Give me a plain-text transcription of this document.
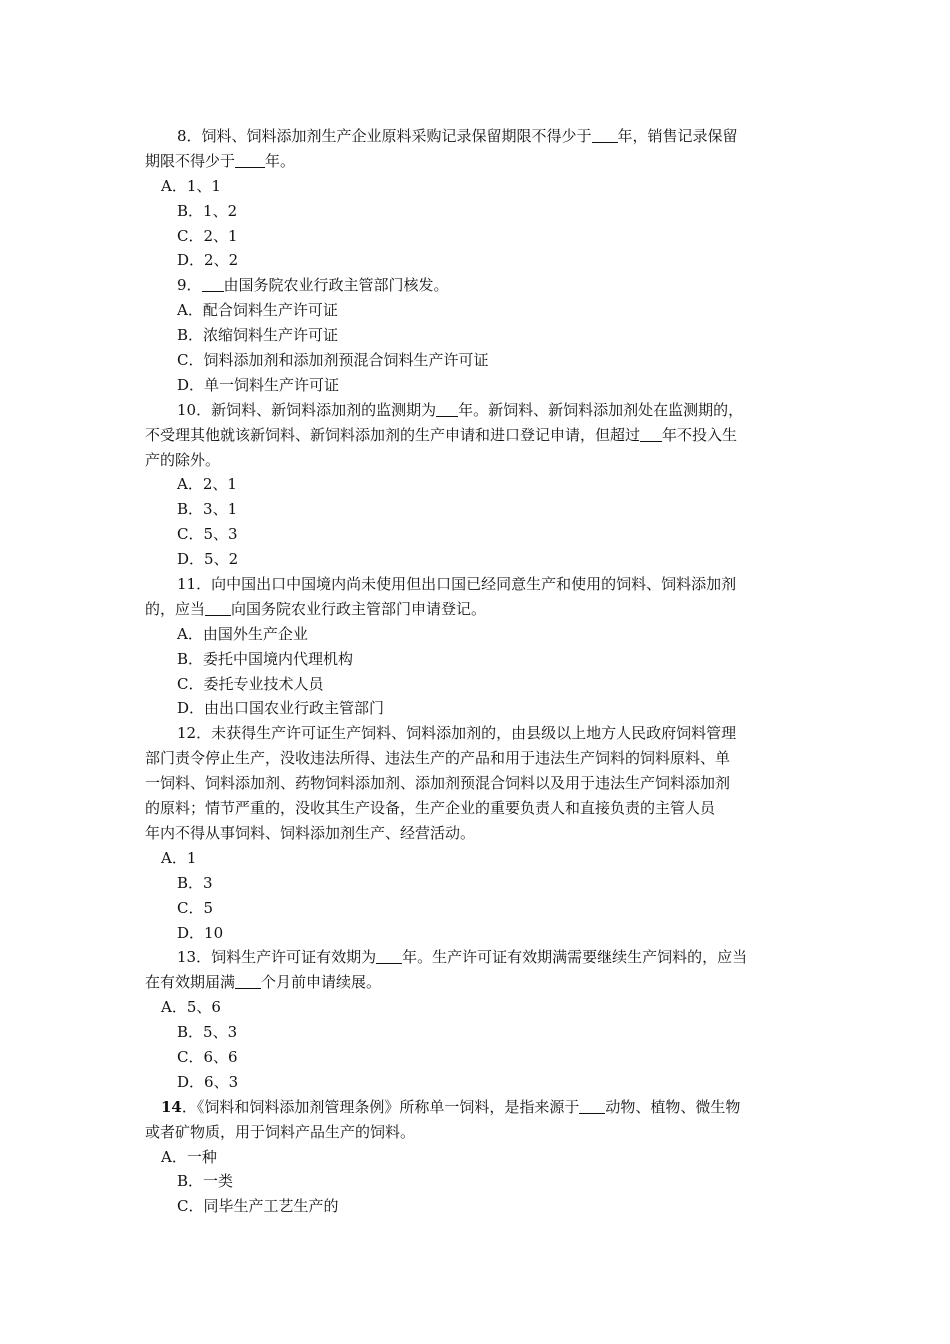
8．饲料、饲料添加剂生产企业原料采购记录保留期限不得少于 年，销售记录保留
期限不得少于 年。
A．1、1
B．1、2
C．2、1
D．2、2
9． 由国务院农业行政主管部门核发。
A．配合饲料生产许可证
B．浓缩饲料生产许可证
C．饲料添加剂和添加剂预混合饲料生产许可证
D．单一饲料生产许可证
10．新饲料、新饲料添加剂的监测期为 年。新饲料、新饲料添加剂处在监测期的，
不受理其他就该新饲料、新饲料添加剂的生产申请和进口登记申请，但超过 年不投入生
产的除外。
A．2、1
B．3、1
C．5、3
D．5、2
11．向中国出口中国境内尚未使用但出口国已经同意生产和使用的饲料、饲料添加剂
的，应当 向国务院农业行政主管部门申请登记。
A．由国外生产企业
B．委托中国境内代理机构
C．委托专业技术人员
D．由出口国农业行政主管部门
12．未获得生产许可证生产饲料、饲料添加剂的，由县级以上地方人民政府饲料管理
部门责令停止生产，没收违法所得、违法生产的产品和用于违法生产饲料的饲料原料、单
一饲料、饲料添加剂、药物饲料添加剂、添加剂预混合饲料以及用于违法生产饲料添加剂
的原料；情节严重的，没收其生产设备，生产企业的重要负责人和直接负责的主管人员
年内不得从事饲料、饲料添加剂生产、经营活动。
A．1
B．3
C．5
D．10
13．饲料生产许可证有效期为 年。生产许可证有效期满需要继续生产饲料的，应当
在有效期届满 个月前申请续展。
A．5、6
B．5、3
C．6、6
D．6、3
14．《饲料和饲料添加剂管理条例》所称单一饲料，是指来源于 动物、植物、微生物
或者矿物质，用于饲料产品生产的饲料。
A．一种
B．一类
C．同毕生产工艺生产的
